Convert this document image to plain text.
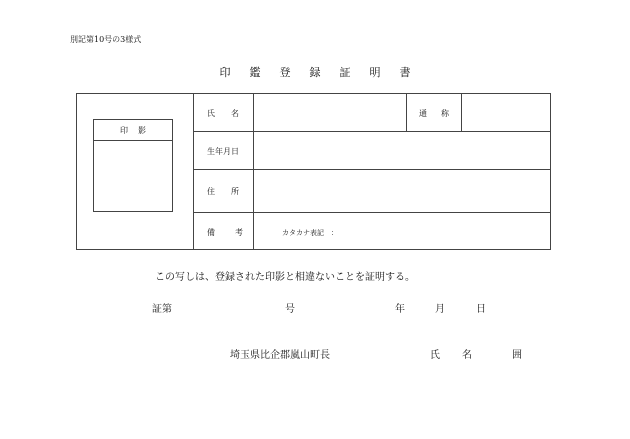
別記第10号の3様式
印鑑登録証明書
印影
氏名	通称
生年月日
住所
備考	カタカナ表記　：
この写しは、登録された印影と相違ないことを証明する。
証第	号	年	月	日
埼玉県比企郡嵐山町長	氏名 囲
